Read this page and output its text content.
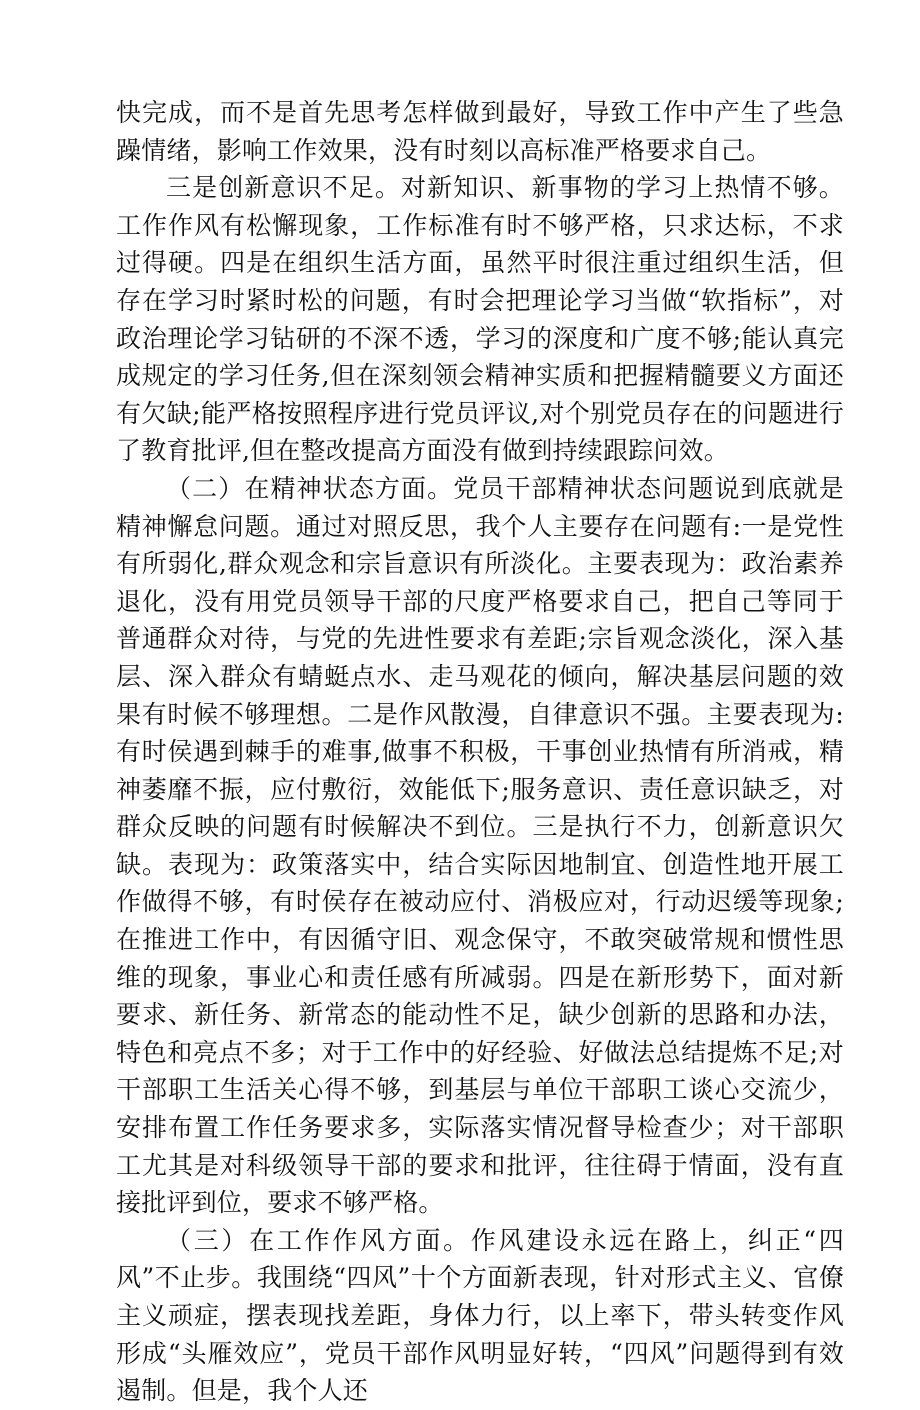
快完成，而不是首先思考怎样做到最好，导致工作中产生了些急躁情绪，影响工作效果，没有时刻以高标准严格要求自己。

三是创新意识不足。对新知识、新事物的学习上热情不够。工作作风有松懈现象，工作标准有时不够严格，只求达标，不求过得硬。四是在组织生活方面，虽然平时很注重过组织生活，但存在学习时紧时松的问题，有时会把理论学习当做“软指标”，对政治理论学习钻研的不深不透，学习的深度和广度不够;能认真完成规定的学习任务,但在深刻领会精神实质和把握精髓要义方面还有欠缺;能严格按照程序进行党员评议,对个别党员存在的问题进行了教育批评,但在整改提高方面没有做到持续跟踪问效。

（二）在精神状态方面。党员干部精神状态问题说到底就是精神懈怠问题。通过对照反思，我个人主要存在问题有:一是党性有所弱化,群众观念和宗旨意识有所淡化。主要表现为：政治素养退化，没有用党员领导干部的尺度严格要求自己，把自己等同于普通群众对待，与党的先进性要求有差距;宗旨观念淡化，深入基层、深入群众有蜻蜓点水、走马观花的倾向，解决基层问题的效果有时候不够理想。二是作风散漫，自律意识不强。主要表现为:有时侯遇到棘手的难事,做事不积极，干事创业热情有所消戒，精神萎靡不振，应付敷衍，效能低下;服务意识、责任意识缺乏，对群众反映的问题有时候解决不到位。三是执行不力，创新意识欠缺。表现为：政策落实中，结合实际因地制宜、创造性地开展工作做得不够，有时侯存在被动应付、消极应对，行动迟缓等现象;在推进工作中，有因循守旧、观念保守，不敢突破常规和惯性思维的现象，事业心和责任感有所减弱。四是在新形势下，面对新要求、新任务、新常态的能动性不足，缺少创新的思路和办法，特色和亮点不多；对于工作中的好经验、好做法总结提炼不足;对干部职工生活关心得不够，到基层与单位干部职工谈心交流少，安排布置工作任务要求多，实际落实情况督导检查少；对干部职工尤其是对科级领导干部的要求和批评，往往碍于情面，没有直接批评到位，要求不够严格。

（三）在工作作风方面。作风建设永远在路上，纠正“四风”不止步。我围绕“四风”十个方面新表现，针对形式主义、官僚主义顽症，摆表现找差距，身体力行，以上率下，带头转变作风形成“头雁效应”，党员干部作风明显好转，“四风”问题得到有效遏制。但是，我个人还
